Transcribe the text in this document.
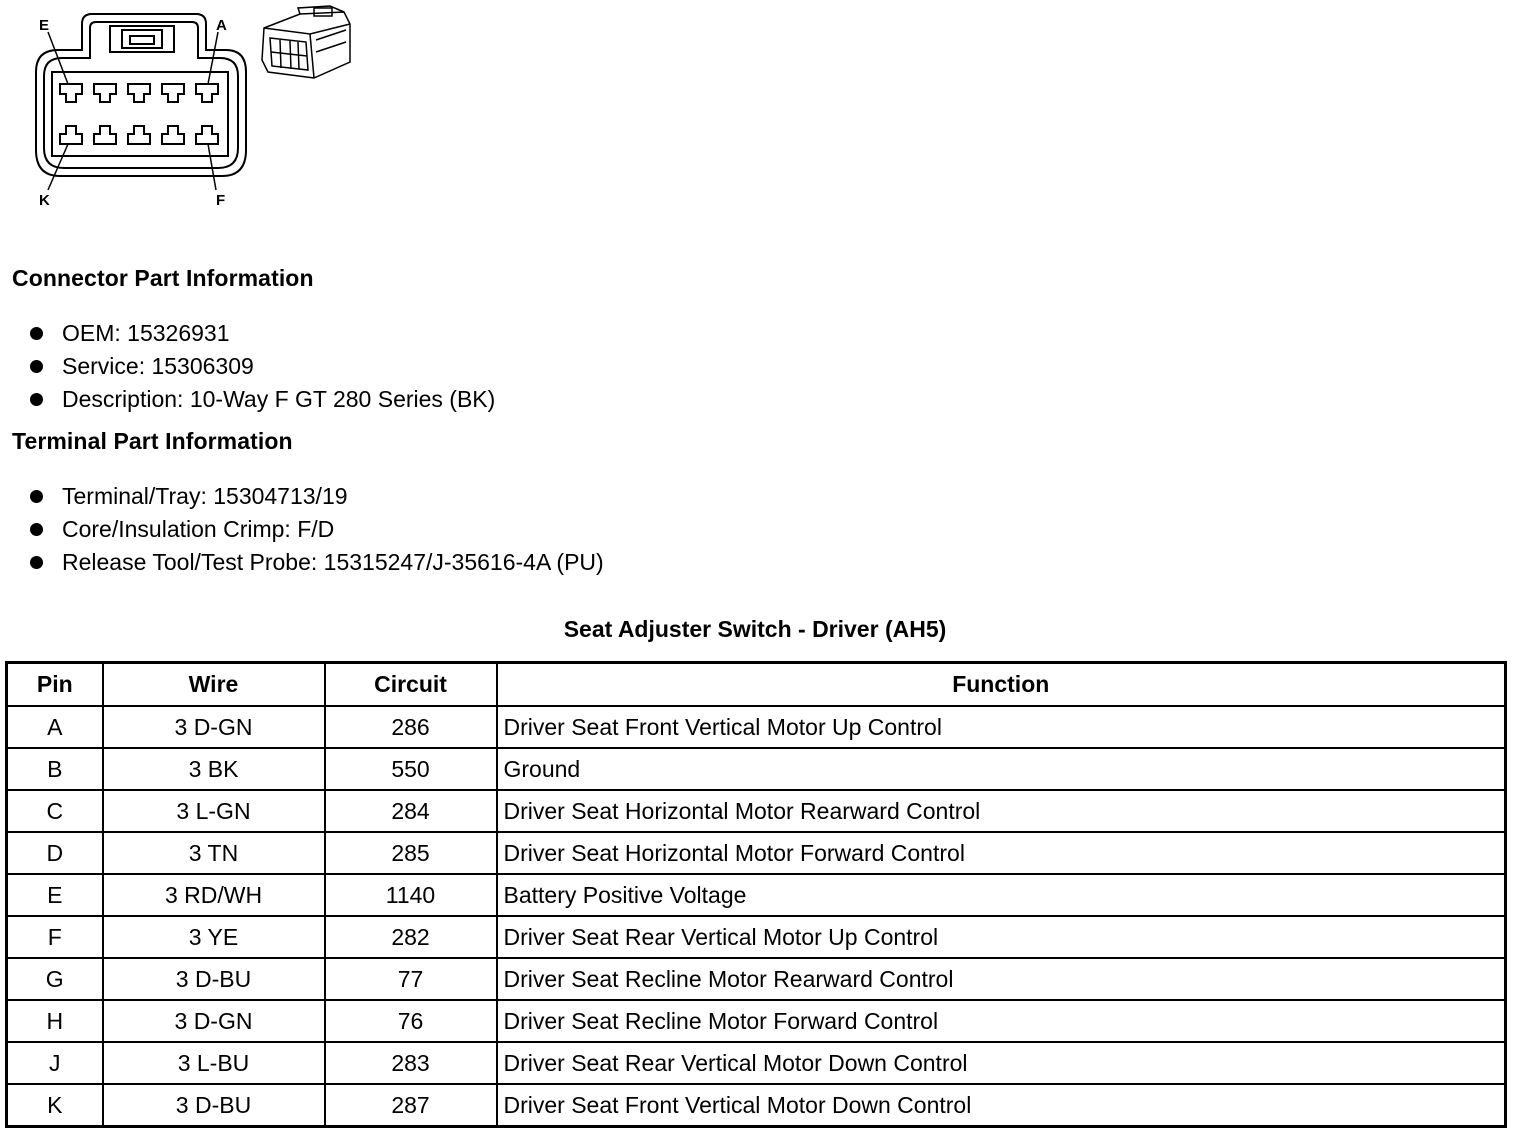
E	A
K	F
Connector Part Information
OEM: 15326931
Service: 15306309
Description: 10-Way F GT 280 Series (BK)
Terminal Part Information
Terminal/Tray: 15304713/19
Core/Insulation Crimp: F/D
Release Tool/Test Probe: 15315247/J-35616-4A (PU)
Seat Adjuster Switch - Driver (AH5)
Pin	Wire	Circuit	Function
A	3 D-GN	286	Driver Seat Front Vertical Motor Up Control
B	3 BK	550	Ground
C	3 L-GN	284	Driver Seat Horizontal Motor Rearward Control
D	3 TN	285	Driver Seat Horizontal Motor Forward Control
E	3 RD/WH	1140	Battery Positive Voltage
F	3 YE	282	Driver Seat Rear Vertical Motor Up Control
G	3 D-BU	77	Driver Seat Recline Motor Rearward Control
H	3 D-GN	76	Driver Seat Recline Motor Forward Control
J	3 L-BU	283	Driver Seat Rear Vertical Motor Down Control
K	3 D-BU	287	Driver Seat Front Vertical Motor Down Control
